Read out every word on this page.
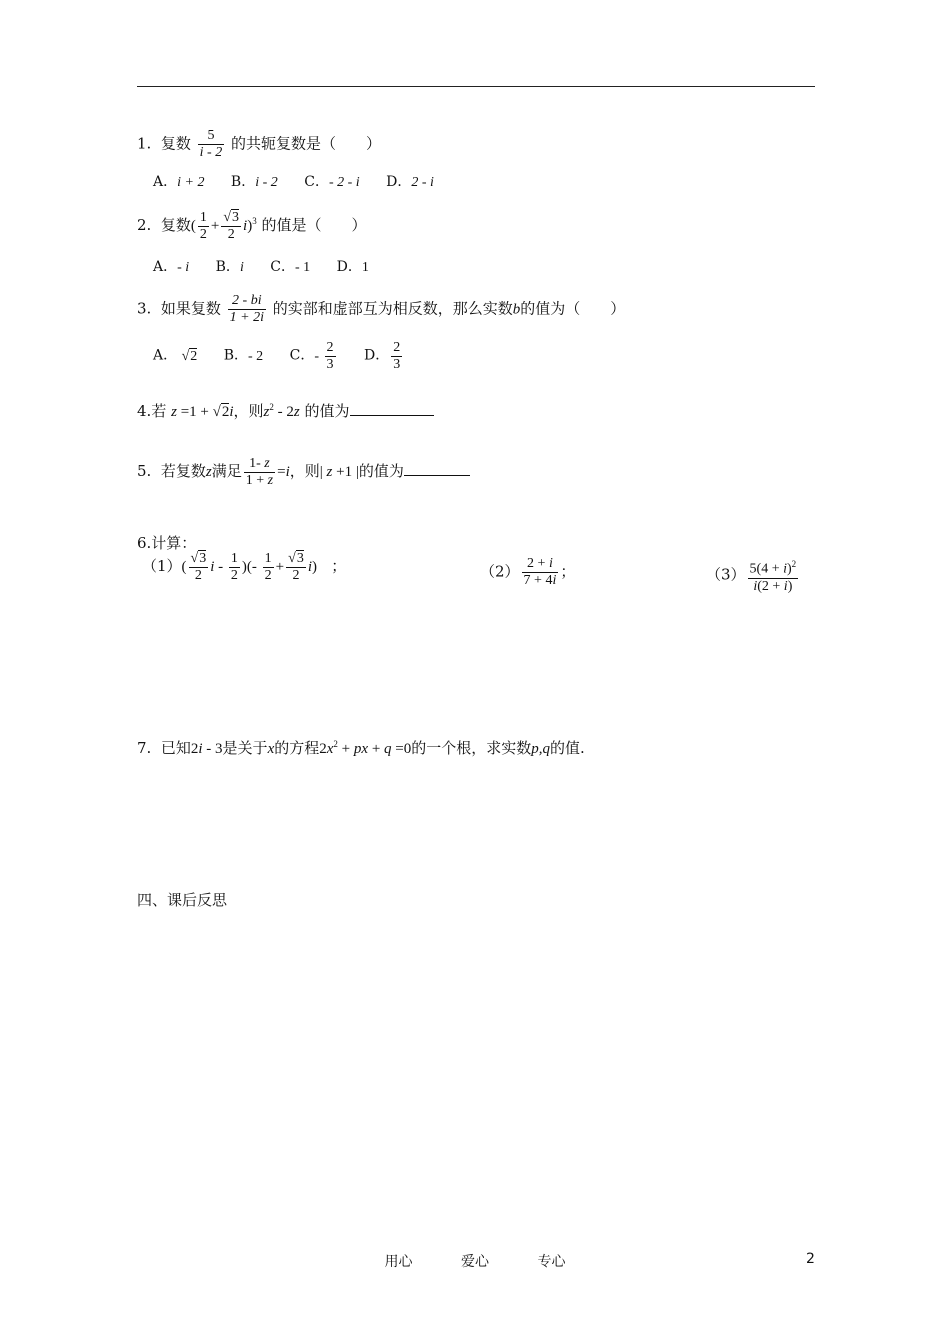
1. 复数 $\frac{5}{i - 2}$ 的共轭复数是（　　）
A．i + 2 B．i - 2 C．- 2 - i D．2 - i
2. 复数( $\frac{1}{2} + \frac{√3}{2} i)^3$ 的值是（　　）
A．- i B．i C．- 1 D．1
3. 如果复数 $\frac{2 - bi}{1 + 2i}$ 的实部和虚部互为相反数，那么实数b的值为（　　）
A． √2 B．- 2 C．- $\frac{2}{3}$ D． $\frac{2}{3}$
4.若 z =1 + √2i，则$z^2 - 2z$ 的值为
5. 若复数z满足 $\frac{1- z}{1 + z} =i$，则| z +1 |的值为
6.计算：
$(1)( \frac{√3}{2}$ i - $\frac{1}{2}$ )(- $\frac{1}{2} + \frac{√3}{2} i$) ；	$(2) \frac{2 + i}{7 + 4i}$ ；	$(3) \frac{5(4 + i)^2}{i(2 + i)}$
7. 已知2i - 3是关于x的方程$2x^2$ + px + q =0的一个根，求实数p,q的值.
四、课后反思
用心	爱心	专心	2
